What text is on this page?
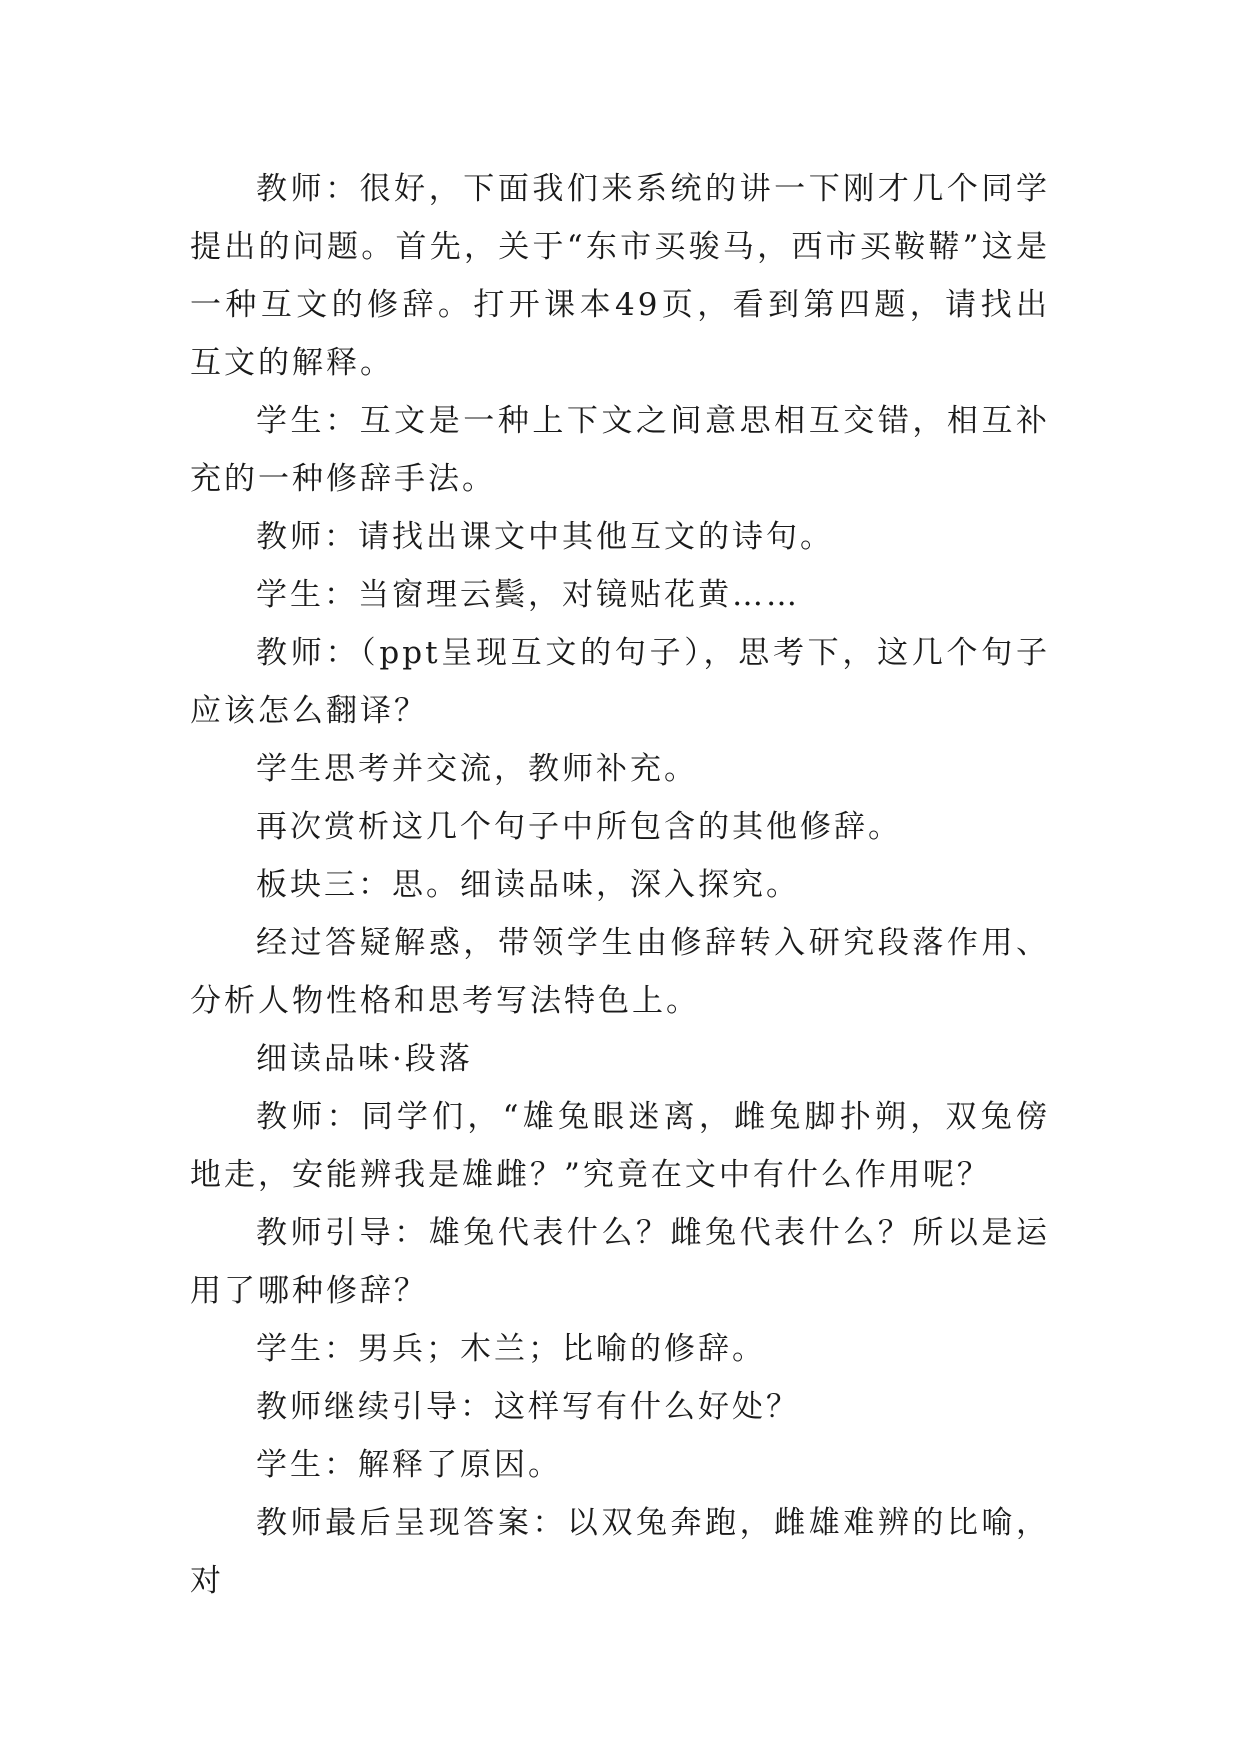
教师：很好，下面我们来系统的讲一下刚才几个同学提出的问题。首先，关于“东市买骏马，西市买鞍鞯”这是一种互文的修辞。打开课本49页，看到第四题，请找出互文的解释。

学生：互文是一种上下文之间意思相互交错，相互补充的一种修辞手法。

教师：请找出课文中其他互文的诗句。

学生：当窗理云鬓，对镜贴花黄……

教师：（ppt呈现互文的句子），思考下，这几个句子应该怎么翻译？

学生思考并交流，教师补充。

再次赏析这几个句子中所包含的其他修辞。

板块三：思。细读品味，深入探究。

经过答疑解惑，带领学生由修辞转入研究段落作用、分析人物性格和思考写法特色上。

细读品味·段落

教师：同学们，“雄兔眼迷离，雌兔脚扑朔，双兔傍地走，安能辨我是雄雌？”究竟在文中有什么作用呢？

教师引导：雄兔代表什么？雌兔代表什么？所以是运用了哪种修辞？

学生：男兵；木兰；比喻的修辞。

教师继续引导：这样写有什么好处？

学生：解释了原因。

教师最后呈现答案：以双兔奔跑，雌雄难辨的比喻，对
